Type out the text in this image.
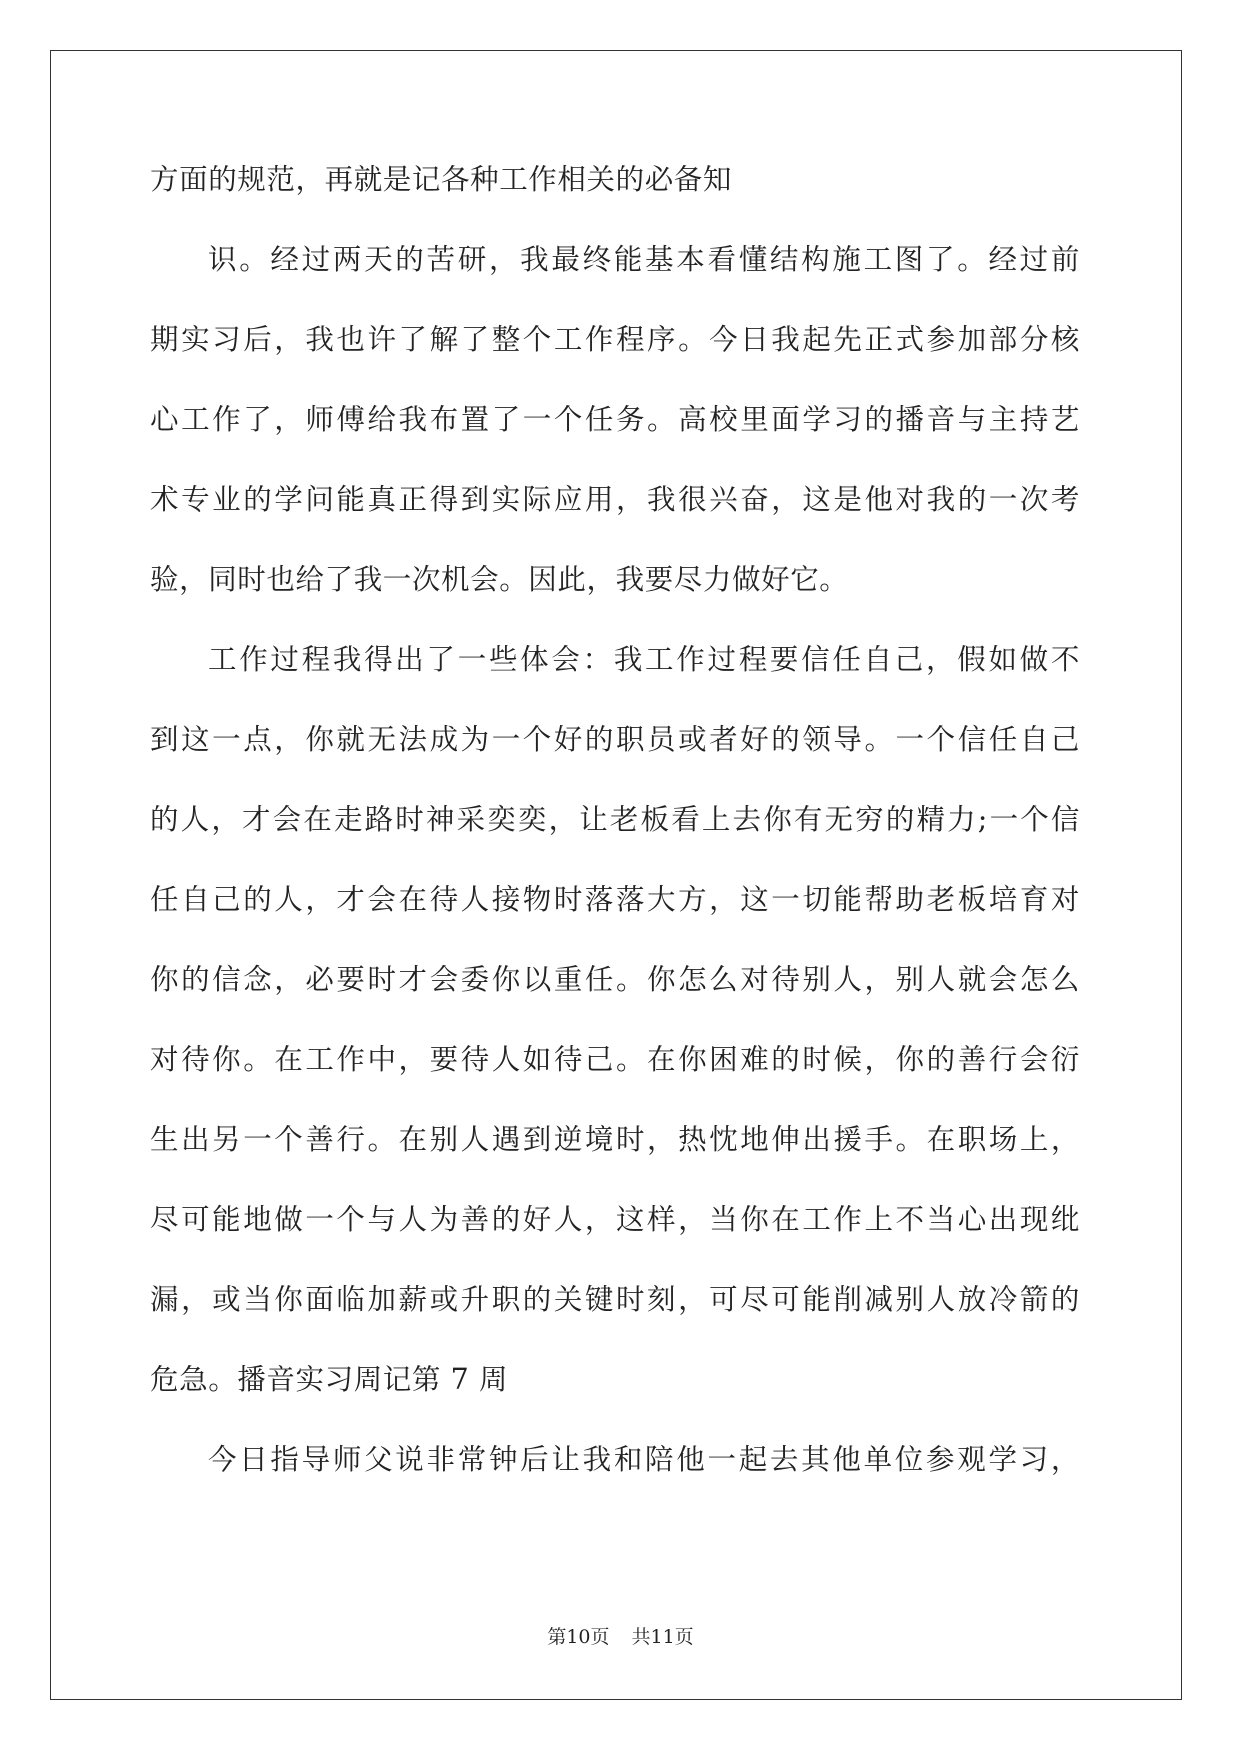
方面的规范，再就是记各种工作相关的必备知
识。经过两天的苦研，我最终能基本看懂结构施工图了。经过前
期实习后，我也许了解了整个工作程序。今日我起先正式参加部分核
心工作了，师傅给我布置了一个任务。高校里面学习的播音与主持艺
术专业的学问能真正得到实际应用，我很兴奋，这是他对我的一次考
验，同时也给了我一次机会。因此，我要尽力做好它。
工作过程我得出了一些体会：我工作过程要信任自己，假如做不
到这一点，你就无法成为一个好的职员或者好的领导。一个信任自己
的人，才会在走路时神采奕奕，让老板看上去你有无穷的精力;一个信
任自己的人，才会在待人接物时落落大方，这一切能帮助老板培育对
你的信念，必要时才会委你以重任。你怎么对待别人，别人就会怎么
对待你。在工作中，要待人如待己。在你困难的时候，你的善行会衍
生出另一个善行。在别人遇到逆境时，热忱地伸出援手。在职场上，
尽可能地做一个与人为善的好人，这样，当你在工作上不当心出现纰
漏，或当你面临加薪或升职的关键时刻，可尽可能削减别人放冷箭的
危急。播音实习周记第 7 周
今日指导师父说非常钟后让我和陪他一起去其他单位参观学习，
第10页 共11页
